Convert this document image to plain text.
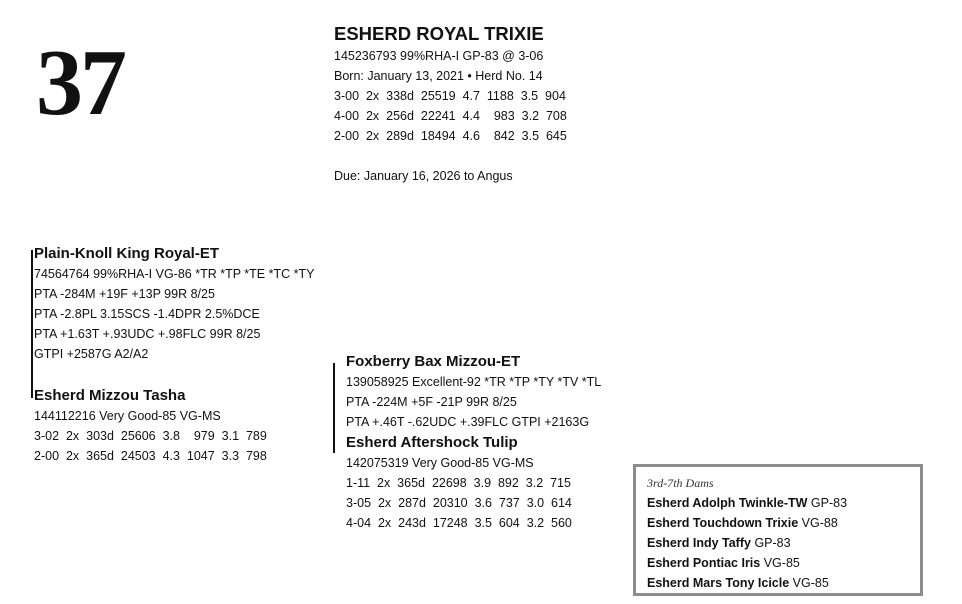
37	ESHERD ROYAL TRIXIE
145236793 99%RHA-I GP-83 @ 3-06
Born: January 13, 2021 • Herd No. 14
3-00  2x  338d  25519  4.7  1188  3.5  904
4-00  2x  256d  22241  4.4    983  3.2  708
2-00  2x  289d  18494  4.6    842  3.5  645
Due: January 16, 2026 to Angus
Plain-Knoll King Royal-ET
74564764 99%RHA-I VG-86 *TR *TP *TE *TC *TY
PTA -284M +19F +13P 99R 8/25
PTA -2.8PL 3.15SCS -1.4DPR 2.5%DCE
PTA +1.63T +.93UDC +.98FLC 99R 8/25
GTPI +2587G A2/A2
Esherd Mizzou Tasha
144112216 Very Good-85 VG-MS
3-02  2x  303d  25606  3.8    979  3.1  789
2-00  2x  365d  24503  4.3  1047  3.3  798
Foxberry Bax Mizzou-ET
139058925 Excellent-92 *TR *TP *TY *TV *TL
PTA -224M +5F -21P 99R 8/25
PTA +.46T -.62UDC +.39FLC GTPI +2163G
Esherd Aftershock Tulip
142075319 Very Good-85 VG-MS
1-11  2x  365d  22698  3.9  892  3.2  715
3-05  2x  287d  20310  3.6  737  3.0  614
4-04  2x  243d  17248  3.5  604  3.2  560
3rd-7th Dams
Esherd Adolph Twinkle-TW GP-83
Esherd Touchdown Trixie VG-88
Esherd Indy Taffy GP-83
Esherd Pontiac Iris VG-85
Esherd Mars Tony Icicle VG-85
